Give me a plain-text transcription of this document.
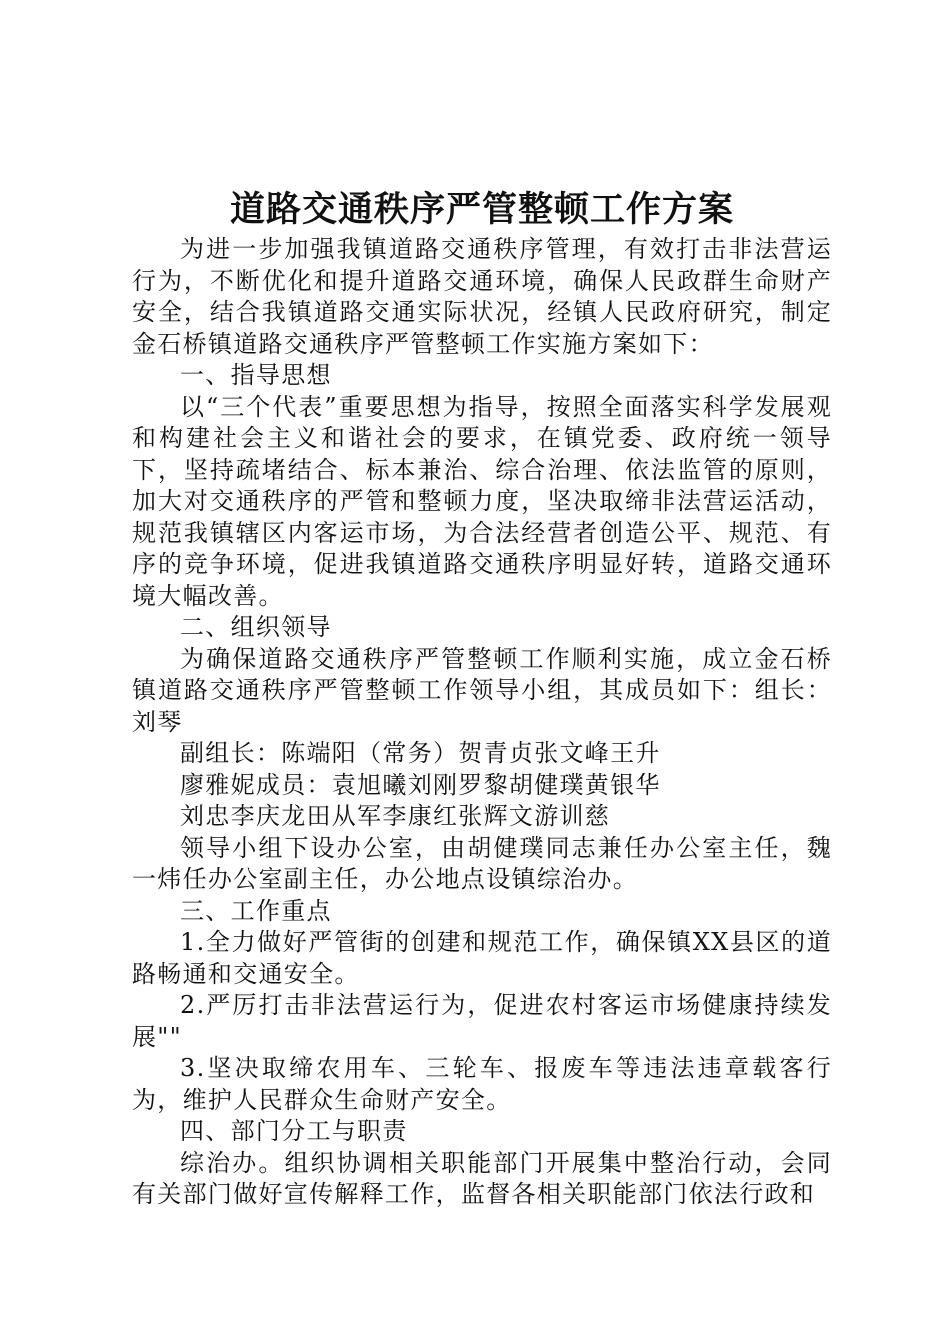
道路交通秩序严管整顿工作方案

为进一步加强我镇道路交通秩序管理，有效打击非法营运行为，不断优化和提升道路交通环境，确保人民政群生命财产安全，结合我镇道路交通实际状况，经镇人民政府研究，制定金石桥镇道路交通秩序严管整顿工作实施方案如下：

一、指导思想

以“三个代表”重要思想为指导，按照全面落实科学发展观和构建社会主义和谐社会的要求，在镇党委、政府统一领导下，坚持疏堵结合、标本兼治、综合治理、依法监管的原则，加大对交通秩序的严管和整顿力度，坚决取缔非法营运活动，规范我镇辖区内客运市场，为合法经营者创造公平、规范、有序的竞争环境，促进我镇道路交通秩序明显好转，道路交通环境大幅改善。

二、组织领导

为确保道路交通秩序严管整顿工作顺利实施，成立金石桥镇道路交通秩序严管整顿工作领导小组，其成员如下：组长：刘琴

副组长：陈端阳（常务）贺青贞张文峰王升

廖雅妮成员：袁旭曦刘刚罗黎胡健璞黄银华

刘忠李庆龙田从军李康红张辉文游训慈

领导小组下设办公室，由胡健璞同志兼任办公室主任，魏一炜任办公室副主任，办公地点设镇综治办。

三、工作重点

1.全力做好严管街的创建和规范工作，确保镇XX县区的道路畅通和交通安全。

2.严厉打击非法营运行为，促进农村客运市场健康持续发展""

3.坚决取缔农用车、三轮车、报废车等违法违章载客行为，维护人民群众生命财产安全。

四、部门分工与职责

综治办。组织协调相关职能部门开展集中整治行动，会同有关部门做好宣传解释工作，监督各相关职能部门依法行政和
